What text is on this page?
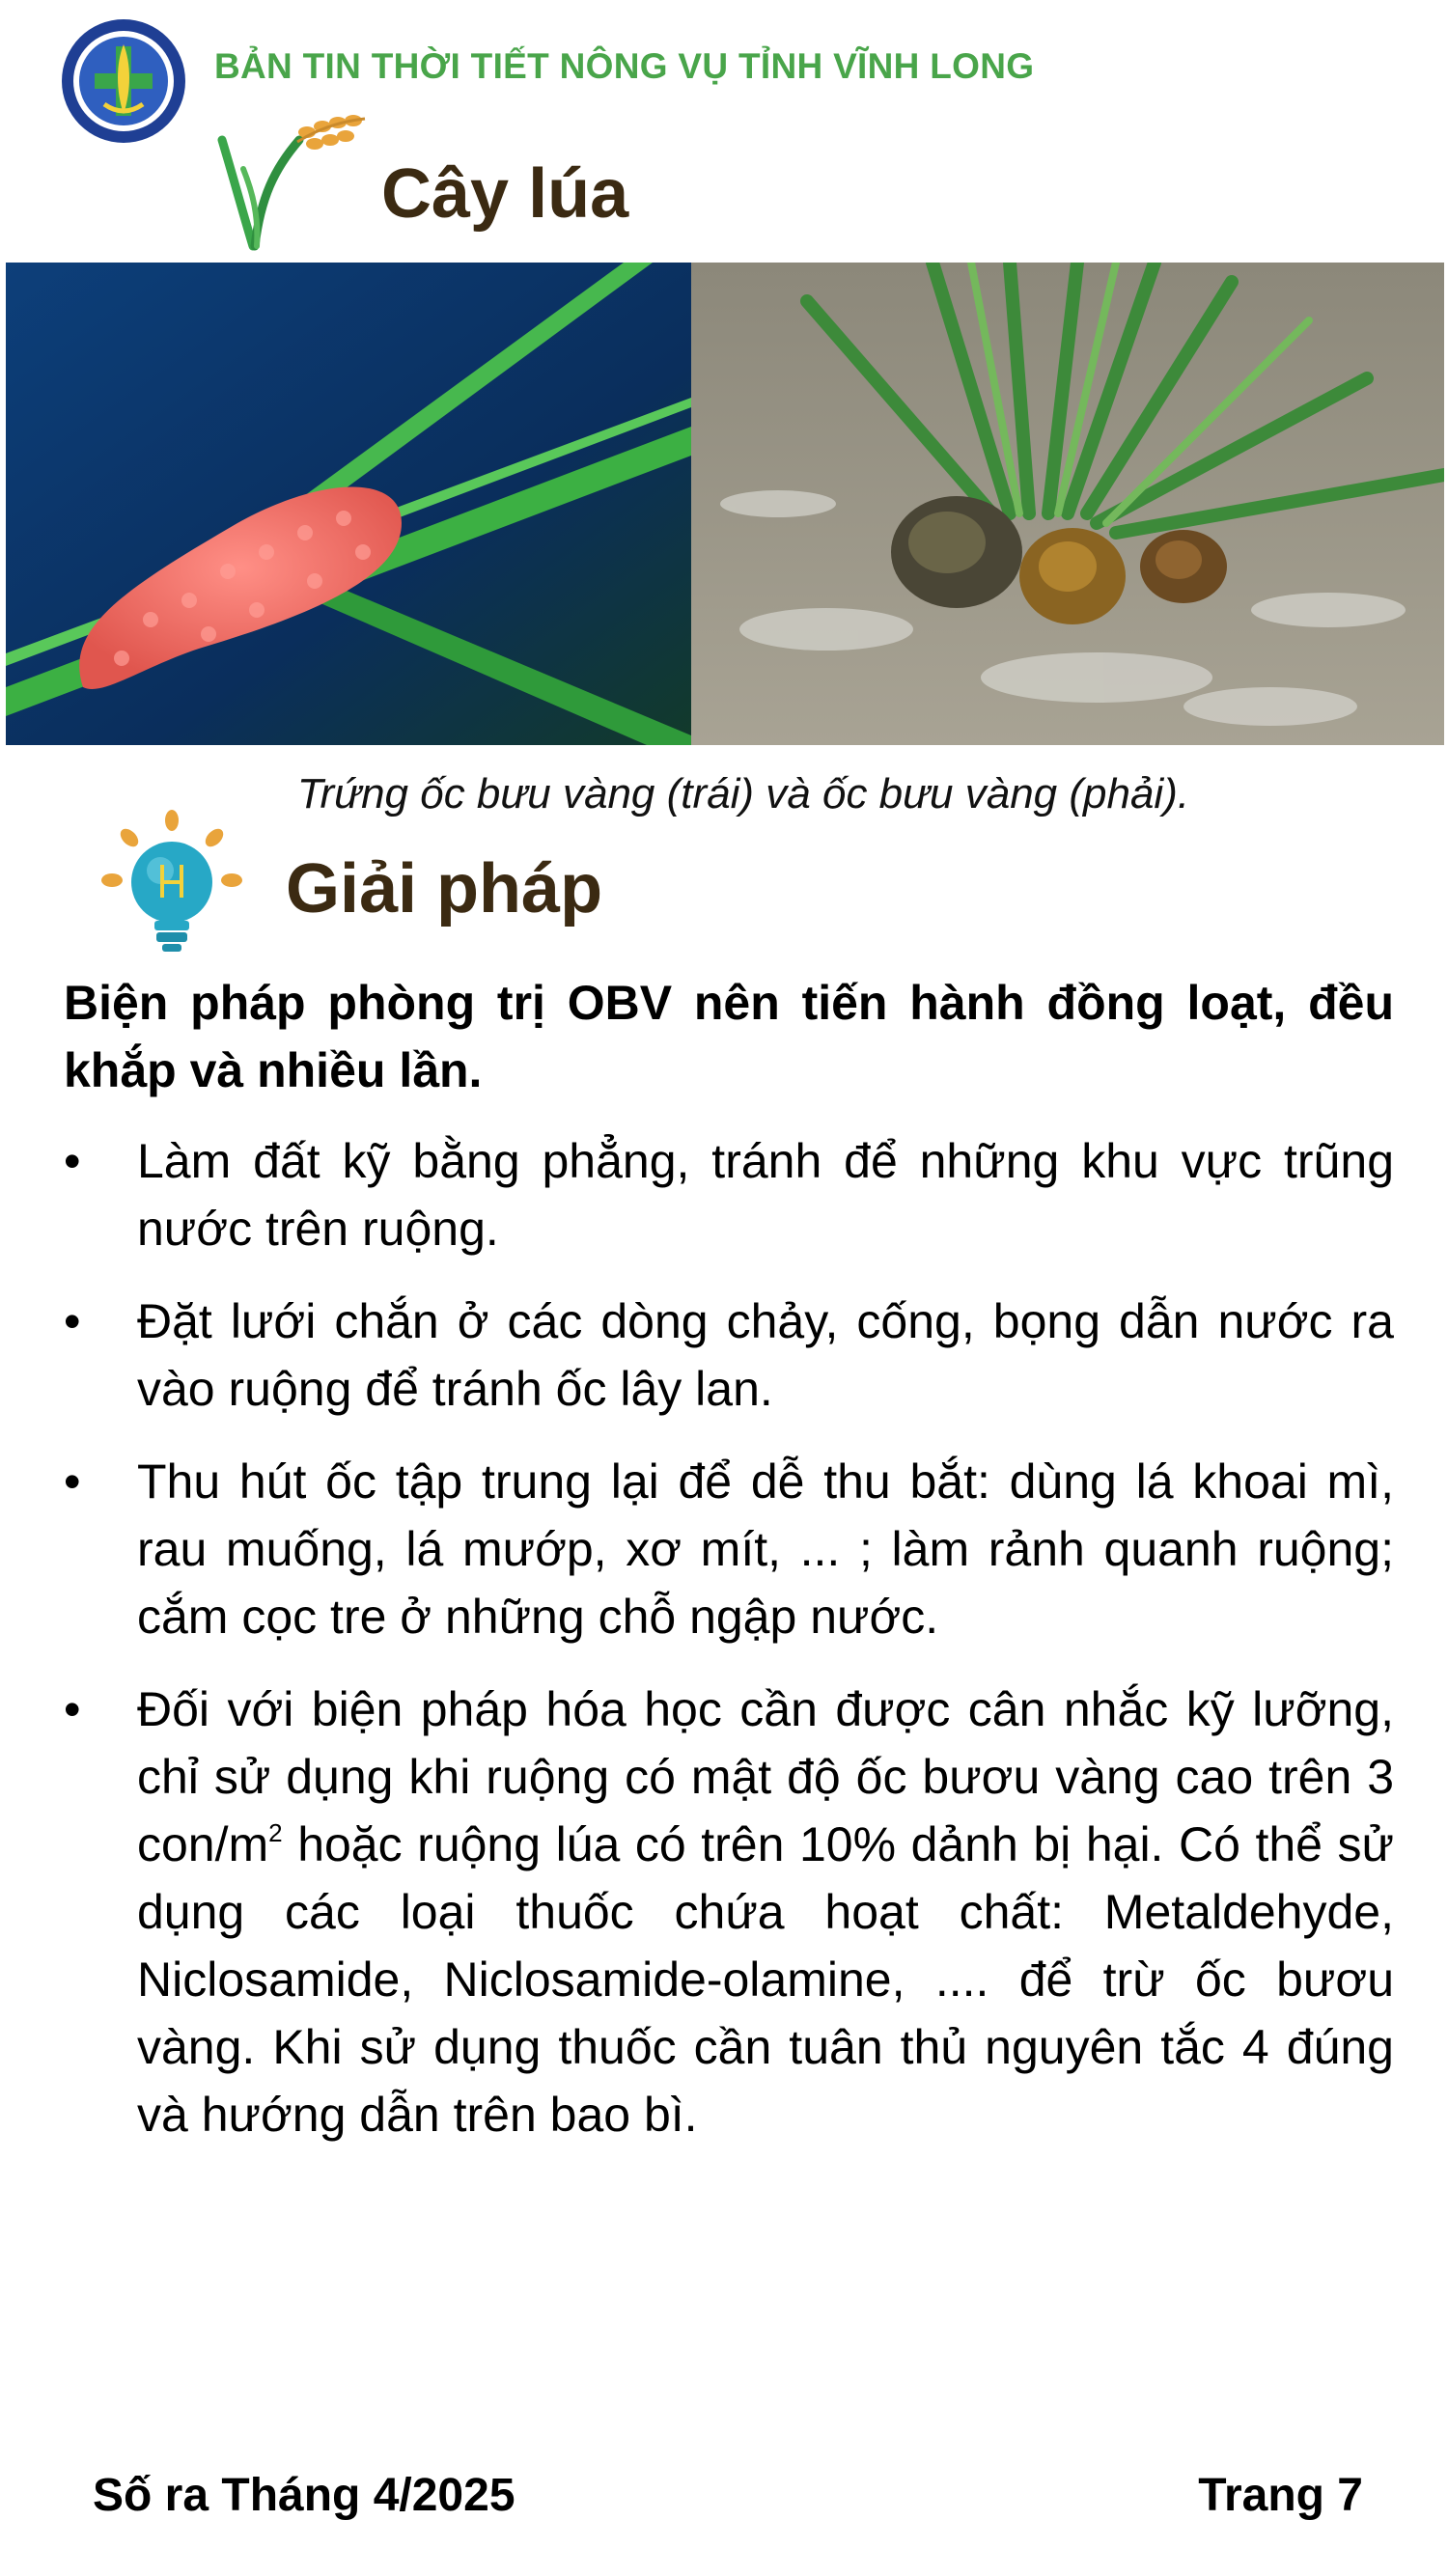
BẢN TIN THỜI TIẾT NÔNG VỤ TỈNH VĨNH LONG
Cây lúa
Trứng ốc bưu vàng (trái) và ốc bưu vàng (phải).
Giải pháp
Biện pháp phòng trị OBV nên tiến hành đồng loạt, đều khắp và nhiều lần.
• Làm đất kỹ bằng phẳng, tránh để những khu vực trũng nước trên ruộng.
• Đặt lưới chắn ở các dòng chảy, cống, bọng dẫn nước ra vào ruộng để tránh ốc lây lan.
• Thu hút ốc tập trung lại để dễ thu bắt: dùng lá khoai mì, rau muống, lá mướp, xơ mít, ... ; làm rảnh quanh ruộng; cắm cọc tre ở những chỗ ngập nước.
• Đối với biện pháp hóa học cần được cân nhắc kỹ lưỡng, chỉ sử dụng khi ruộng có mật độ ốc bươu vàng cao trên 3 con/$m^2$ hoặc ruộng lúa có trên 10% dảnh bị hại. Có thể sử dụng các loại thuốc chứa hoạt chất: Metaldehyde, Niclosamide, Niclosamide-olamine, .... để trừ ốc bươu vàng. Khi sử dụng thuốc cần tuân thủ nguyên tắc 4 đúng và hướng dẫn trên bao bì.
Số ra Tháng 4/2025	Trang 7
